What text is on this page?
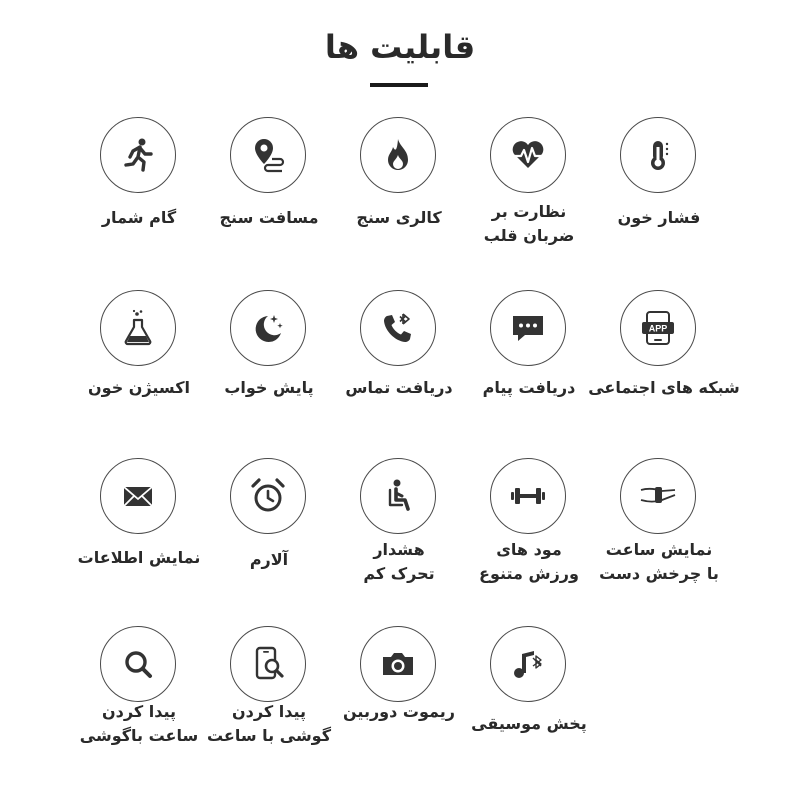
قابلیت ها
فشار خون
نظارت بر
ضربان قلب
کالری سنج
مسافت سنج
گام شمار
APP
شبکه های اجتماعی
دریافت پیام
دریافت تماس
پایش خواب
اکسیژن خون
نمایش ساعت
با چرخش دست
مود های
ورزش متنوع
هشدار
تحرک کم
آلارم
نمایش اطلاعات
پخش موسیقی
ریموت دوربین
پیدا کردن
گوشی با ساعت
پیدا کردن
ساعت باگوشی
